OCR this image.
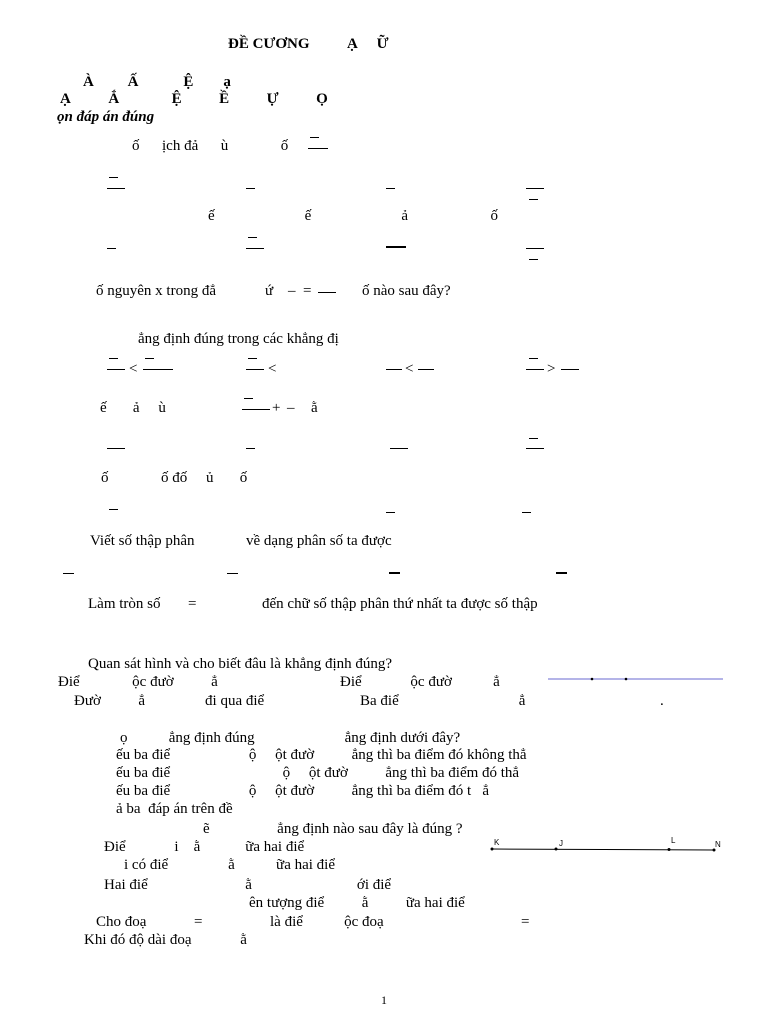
ĐỀ CƯƠNG          Ạ     Ữ
À         Ấ            Ệ        ạ
Ạ          Ắ              Ệ          Ề          Ự          Ọ
ọn đáp án đúng
ố      ịch đả      ù              ố
ế                        ế                        ả                      ố
ố nguyên x trong đẳ	ứ –  =	ố nào sau đây?
ẳng định đúng trong các khẳng đị
<	<	<	>
ế       ả     ù	+ – ằ
ố              ố đố     ủ       ố
Viết số thập phân	về dạng phân số ta được
Làm tròn số =	đến chữ số thập phân thứ nhất ta được số thập
Quan sát hình và cho biết đâu là khẳng định đúng?
Điể              ộc đườ          ẳ	Điể             ộc đườ           ẳ
Đườ          ẳ                đi qua điể	Ba điể                                ẳ	.
ọ           ẳng định đúng                        ẳng định dưới đây?
ếu ba điể                     ộ     ột đườ          ẳng thì ba điểm đó không thẳ
ếu ba điể                              ộ     ột đườ          ẳng thì ba điểm đó thẳ
ếu ba điể                     ộ     ột đườ          ẳng thì ba điểm đó t   ẳ
ả ba  đáp án trên đề
ẽ                  ẳng định nào sau đây là đúng ?
Điể             i    ằ            ữa hai điể
i có điể                ằ           ữa hai điể
Hai điể                          ằ                            ới điể
ên tượng điể          ằ          ữa hai điể
K	J	L	N
Cho đoạ	=	là điể           ộc đoạ	=
Khi đó độ dài đoạ             ằ
1
